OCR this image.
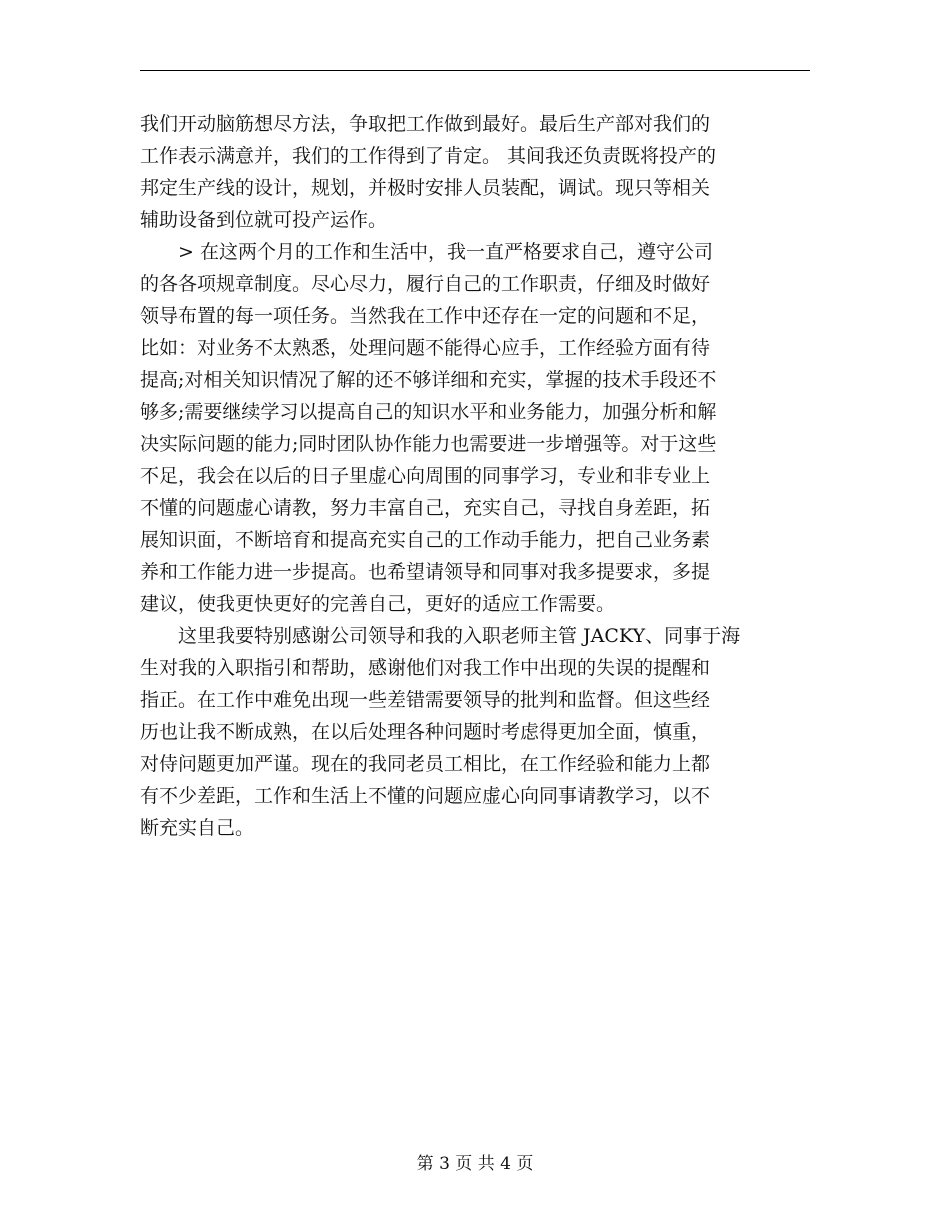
我们开动脑筋想尽方法，争取把工作做到最好。最后生产部对我们的
工作表示满意并，我们的工作得到了肯定。 其间我还负责既将投产的
邦定生产线的设计，规划，并极时安排人员装配，调试。现只等相关
辅助设备到位就可投产运作。
　　> 在这两个月的工作和生活中，我一直严格要求自己，遵守公司
的各各项规章制度。尽心尽力，履行自己的工作职责，仔细及时做好
领导布置的每一项任务。当然我在工作中还存在一定的问题和不足，
比如：对业务不太熟悉，处理问题不能得心应手，工作经验方面有待
提高;对相关知识情况了解的还不够详细和充实，掌握的技术手段还不
够多;需要继续学习以提高自己的知识水平和业务能力，加强分析和解
决实际问题的能力;同时团队协作能力也需要进一步增强等。对于这些
不足，我会在以后的日子里虚心向周围的同事学习，专业和非专业上
不懂的问题虚心请教，努力丰富自己，充实自己，寻找自身差距，拓
展知识面，不断培育和提高充实自己的工作动手能力，把自己业务素
养和工作能力进一步提高。也希望请领导和同事对我多提要求，多提
建议，使我更快更好的完善自己，更好的适应工作需要。
　　这里我要特别感谢公司领导和我的入职老师主管 JACKY、同事于海
生对我的入职指引和帮助，感谢他们对我工作中出现的失误的提醒和
指正。在工作中难免出现一些差错需要领导的批判和监督。但这些经
历也让我不断成熟，在以后处理各种问题时考虑得更加全面，慎重，
对侍问题更加严谨。现在的我同老员工相比，在工作经验和能力上都
有不少差距，工作和生活上不懂的问题应虚心向同事请教学习，以不
断充实自己。
第 3 页 共 4 页
